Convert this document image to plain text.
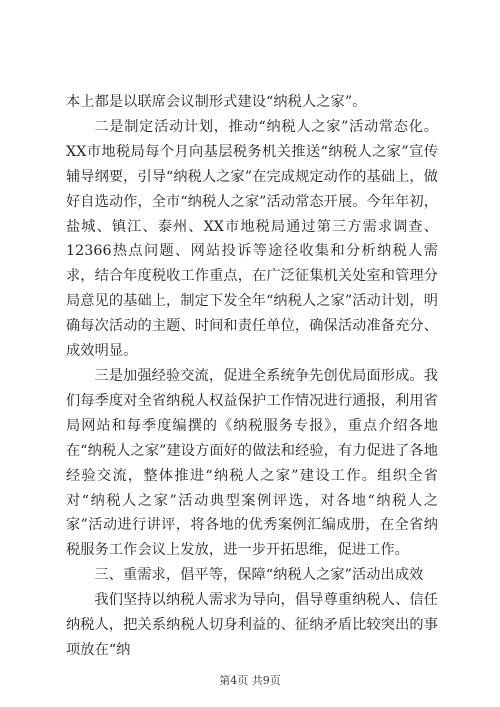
本上都是以联席会议制形式建设“纳税人之家”。

二是制定活动计划，推动“纳税人之家”活动常态化。XX市地税局每个月向基层税务机关推送“纳税人之家”宣传辅导纲要，引导“纳税人之家”在完成规定动作的基础上，做好自选动作，全市“纳税人之家”活动常态开展。今年年初，盐城、镇江、泰州、XX市地税局通过第三方需求调查、12366热点问题、网站投诉等途径收集和分析纳税人需求，结合年度税收工作重点，在广泛征集机关处室和管理分局意见的基础上，制定下发全年“纳税人之家”活动计划，明确每次活动的主题、时间和责任单位，确保活动准备充分、成效明显。

三是加强经验交流，促进全系统争先创优局面形成。我们每季度对全省纳税人权益保护工作情况进行通报，利用省局网站和每季度编撰的《纳税服务专报》，重点介绍各地在“纳税人之家”建设方面好的做法和经验，有力促进了各地经验交流，整体推进“纳税人之家”建设工作。组织全省对“纳税人之家”活动典型案例评选，对各地“纳税人之家”活动进行讲评，将各地的优秀案例汇编成册，在全省纳税服务工作会议上发放，进一步开拓思维，促进工作。

三、重需求，倡平等，保障“纳税人之家”活动出成效

我们坚持以纳税人需求为导向，倡导尊重纳税人、信任纳税人，把关系纳税人切身利益的、征纳矛盾比较突出的事项放在“纳

第4页 共9页
